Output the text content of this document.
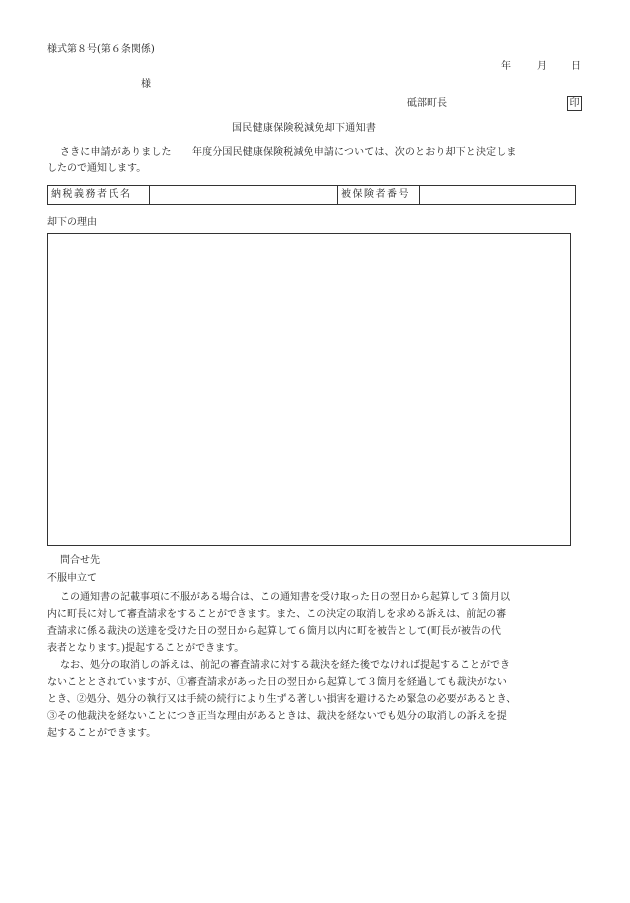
様式第８号(第６条関係)
年	月 日
様
砥部町長	印
国民健康保険税減免却下通知書
さきに申請がありました　　年度分国民健康保険税減免申請については、次のとおり却下と決定しま
したので通知します。
納税義務者氏名		被保険者番号	
却下の理由
問合せ先
不服申立て
この通知書の記載事項に不服がある場合は、この通知書を受け取った日の翌日から起算して３箇月以
内に町長に対して審査請求をすることができます。また、この決定の取消しを求める訴えは、前記の審
査請求に係る裁決の送達を受けた日の翌日から起算して６箇月以内に町を被告として(町長が被告の代
表者となります。)提起することができます。
なお、処分の取消しの訴えは、前記の審査請求に対する裁決を経た後でなければ提起することができ
ないこととされていますが、①審査請求があった日の翌日から起算して３箇月を経過しても裁決がない
とき、②処分、処分の執行又は手続の続行により生ずる著しい損害を避けるため緊急の必要があるとき、
③その他裁決を経ないことにつき正当な理由があるときは、裁決を経ないでも処分の取消しの訴えを提
起することができます。
